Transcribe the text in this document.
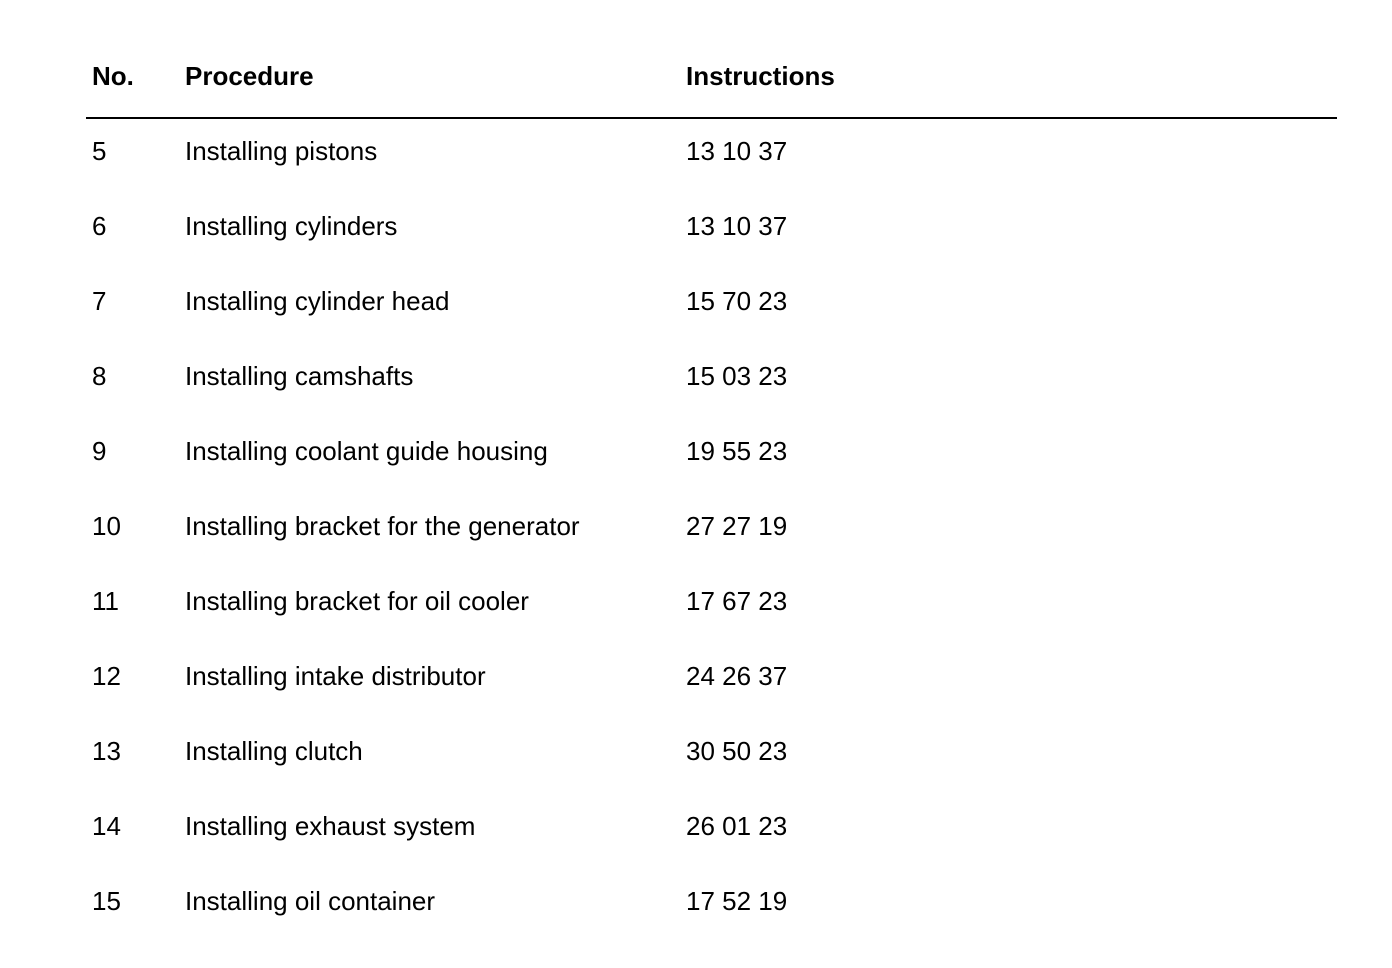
No. Procedure	Instructions
5	Installing pistons	13 10 37
6	Installing cylinders	13 10 37
7	Installing cylinder head	15 70 23
8	Installing camshafts	15 03 23
9	Installing coolant guide housing	19 55 23
10 Installing bracket for the generator	27 27 19
11	Installing bracket for oil cooler	17 67 23
12 Installing intake distributor	24 26 37
13 Installing clutch	30 50 23
14 Installing exhaust system	26 01 23
15 Installing oil container	17 52 19
